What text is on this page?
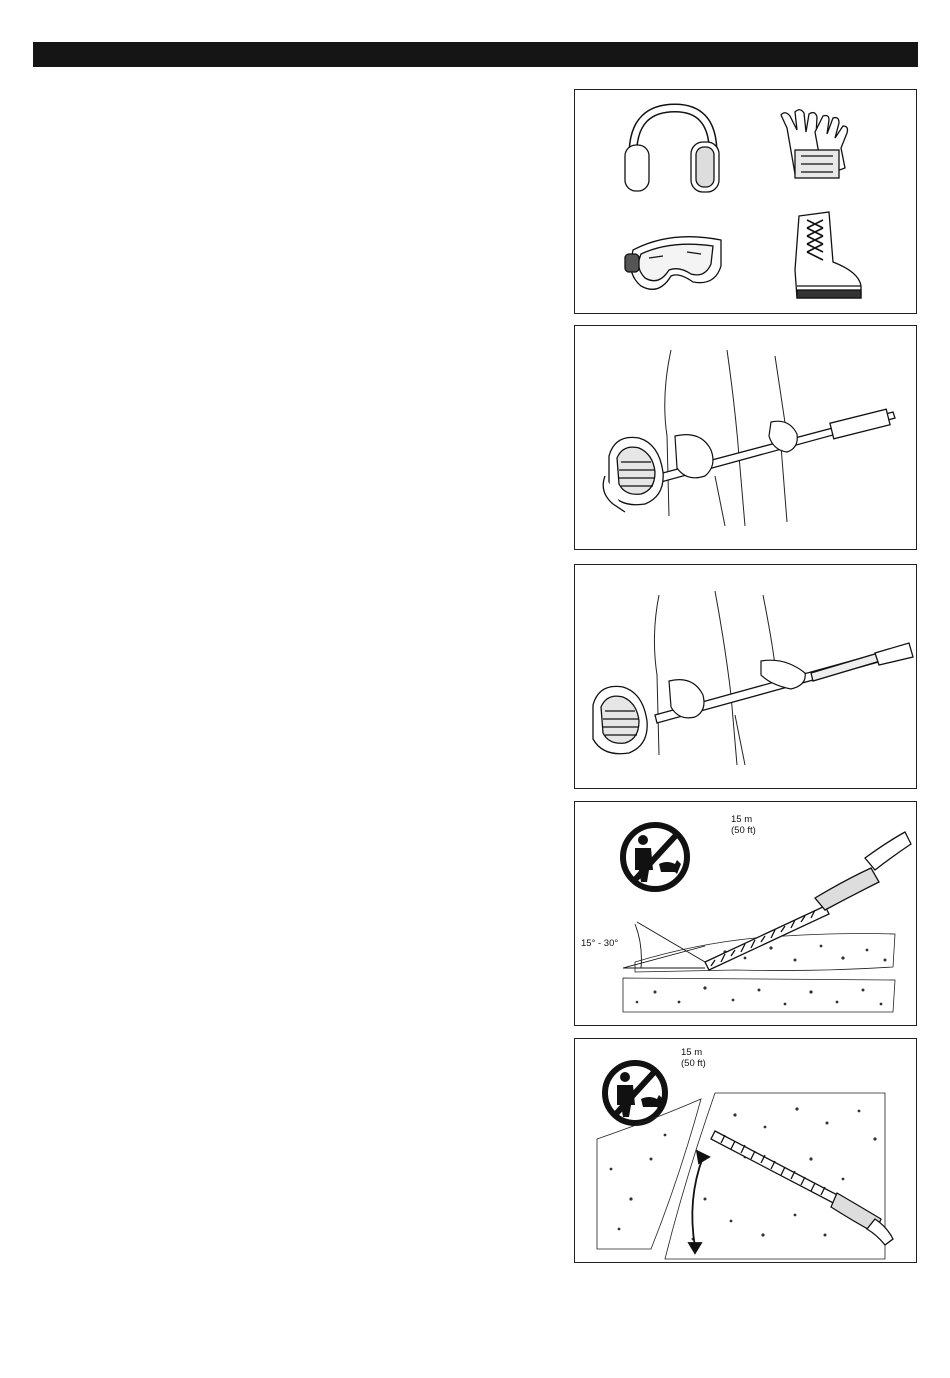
15 m
(50 ft)
15° - 30°
15 m
(50 ft)
